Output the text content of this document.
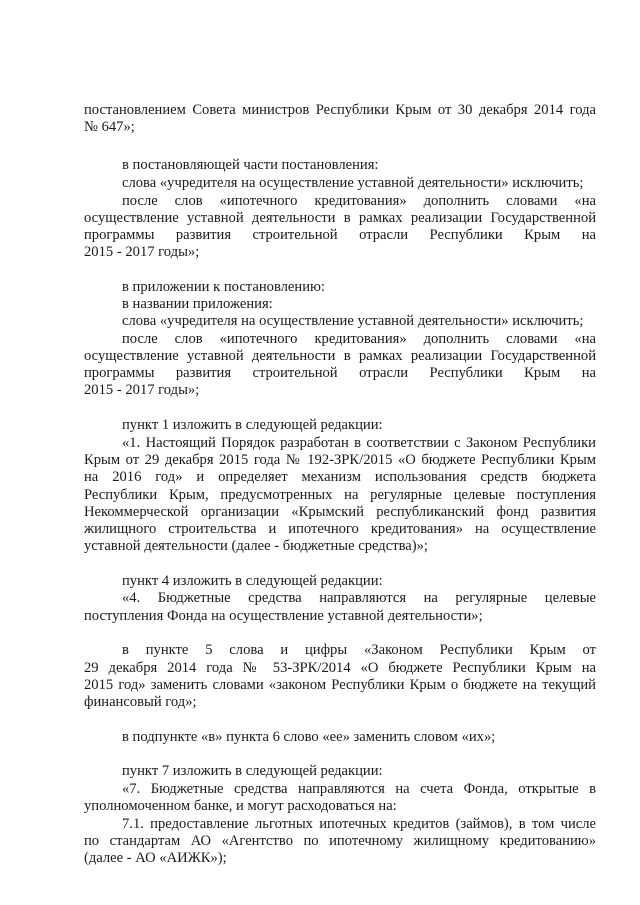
постановлением Совета министров Республики Крым от 30 декабря 2014 года
№ 647»;
в постановляющей части постановления:
слова «учредителя на осуществление уставной деятельности» исключить;
после слов «ипотечного кредитования» дополнить словами «на
осуществление уставной деятельности в рамках реализации Государственной
программы развития строительной отрасли Республики Крым на
2015 - 2017 годы»;
в приложении к постановлению:
в названии приложения:
слова «учредителя на осуществление уставной деятельности» исключить;
после слов «ипотечного кредитования» дополнить словами «на
осуществление уставной деятельности в рамках реализации Государственной
программы развития строительной отрасли Республики Крым на
2015 - 2017 годы»;
пункт 1 изложить в следующей редакции:
«1. Настоящий Порядок разработан в соответствии с Законом Республики
Крым от 29 декабря 2015 года № 192-ЗРК/2015 «О бюджете Республики Крым
на 2016 год» и определяет механизм использования средств бюджета
Республики Крым, предусмотренных на регулярные целевые поступления
Некоммерческой организации «Крымский республиканский фонд развития
жилищного строительства и ипотечного кредитования» на осуществление
уставной деятельности (далее - бюджетные средства)»;
пункт 4 изложить в следующей редакции:
«4. Бюджетные средства направляются на регулярные целевые
поступления Фонда на осуществление уставной деятельности»;
в пункте 5 слова и цифры «Законом Республики Крым от
29 декабря 2014 года № 53-ЗРК/2014 «О бюджете Республики Крым на
2015 год» заменить словами «законом Республики Крым о бюджете на текущий
финансовый год»;
в подпункте «в» пункта 6 слово «ее» заменить словом «их»;
пункт 7 изложить в следующей редакции:
«7. Бюджетные средства направляются на счета Фонда, открытые в
уполномоченном банке, и могут расходоваться на:
7.1. предоставление льготных ипотечных кредитов (займов), в том числе
по стандартам АО «Агентство по ипотечному жилищному кредитованию»
(далее - АО «АИЖК»);
